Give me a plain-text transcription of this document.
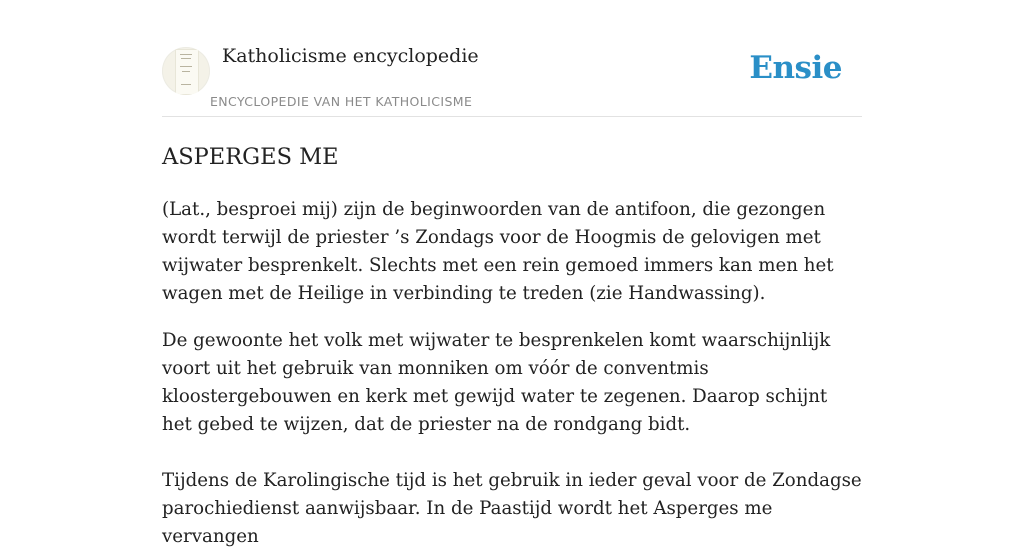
Katholicisme encyclopedie
ENCYCLOPEDIE VAN HET KATHOLICISME
Ensie
ASPERGES ME

(Lat., besproei mij) zijn de beginwoorden van de antifoon, die gezongen wordt terwijl de priester ’s Zondags voor de Hoogmis de gelovigen met wijwater besprenkelt. Slechts met een rein gemoed immers kan men het wagen met de Heilige in verbinding te treden (zie Handwassing).

De gewoonte het volk met wijwater te besprenkelen komt waarschijnlijk voort uit het gebruik van monniken om vóór de conventmis kloostergebouwen en kerk met gewijd water te zegenen. Daarop schijnt het gebed te wijzen, dat de priester na de rondgang bidt.

Tijdens de Karolingische tijd is het gebruik in ieder geval voor de Zondagse parochiedienst aanwijsbaar. In de Paastijd wordt het Asperges me vervangen
